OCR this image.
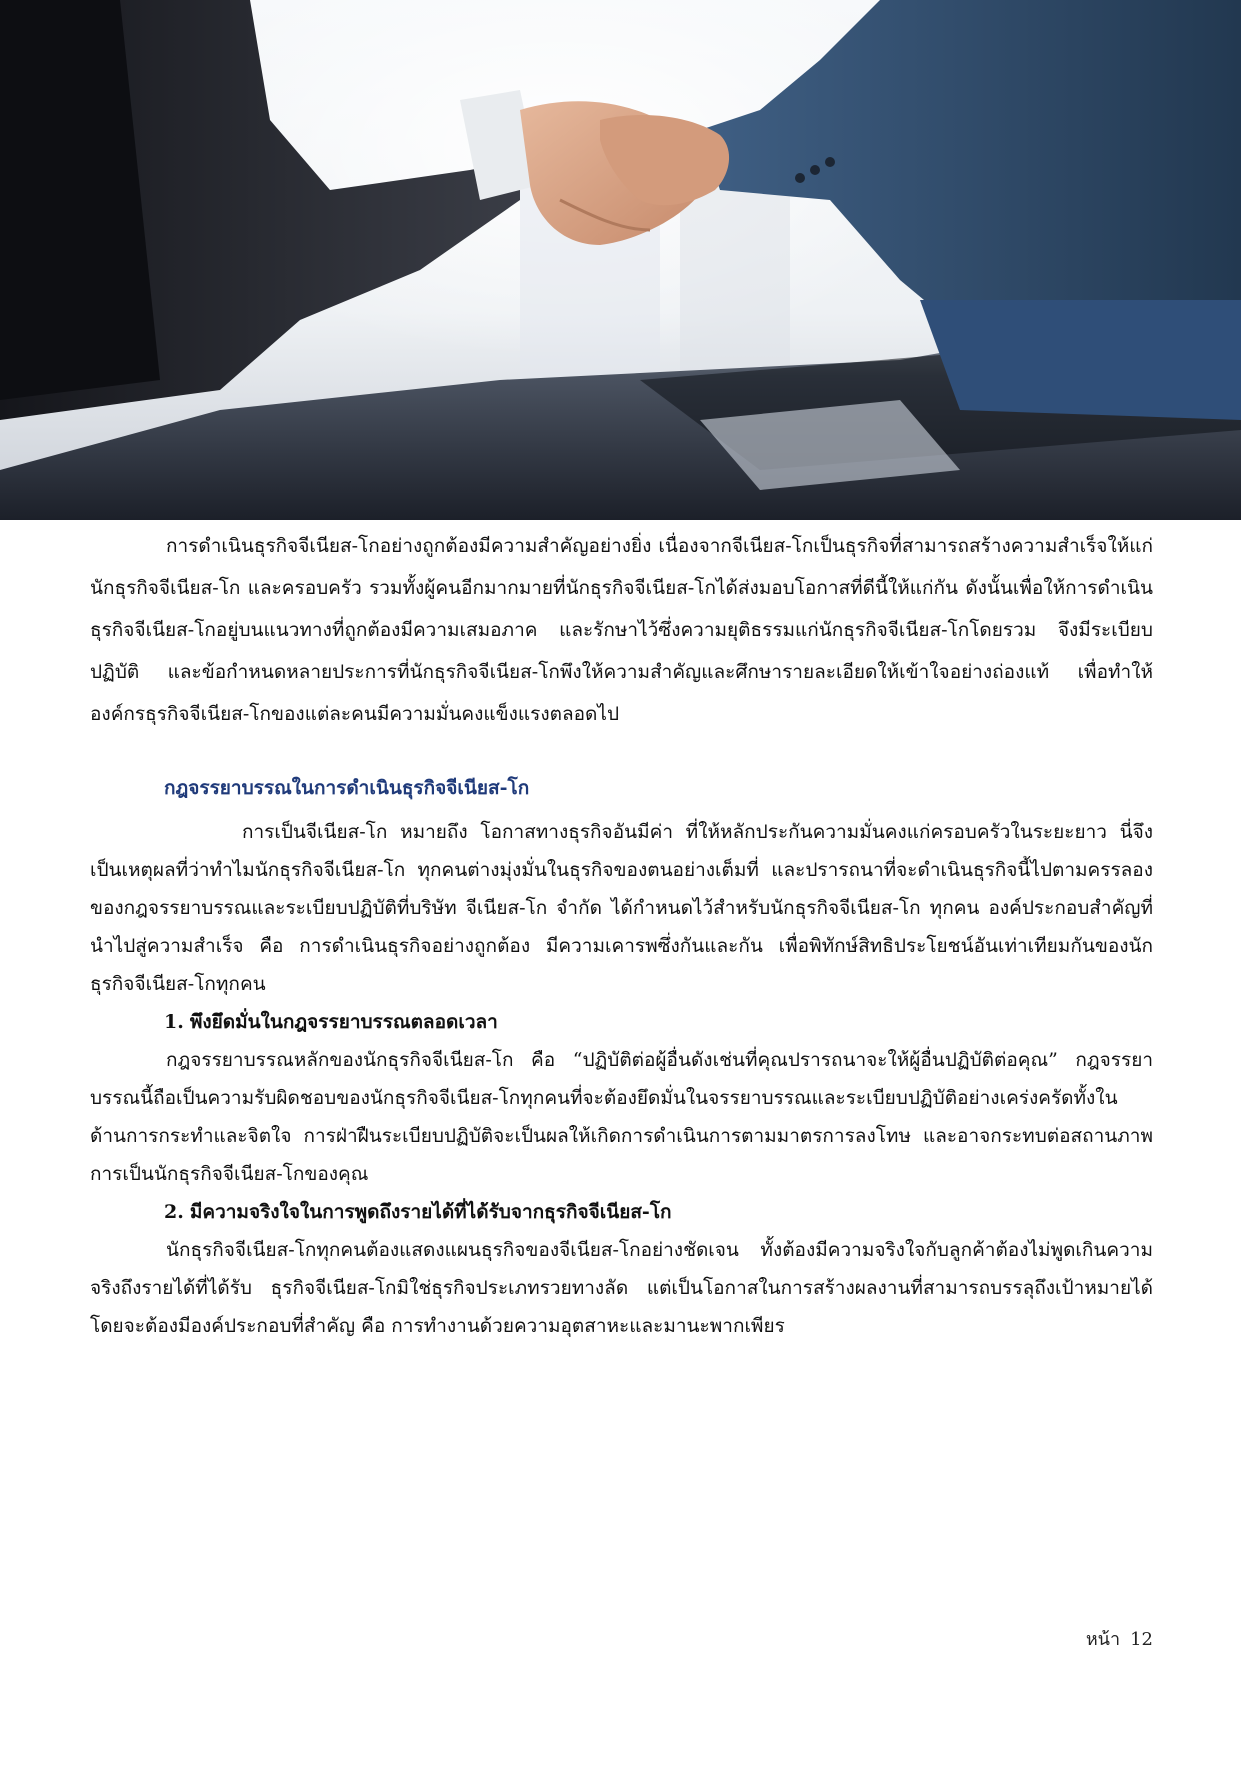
การดำเนินธุรกิจจีเนียส-โกอย่างถูกต้องมีความสำคัญอย่างยิ่ง เนื่องจากจีเนียส-โกเป็นธุรกิจที่สามารถสร้างความสำเร็จให้แก่นักธุรกิจจีเนียส-โก และครอบครัว รวมทั้งผู้คนอีกมากมายที่นักธุรกิจจีเนียส-โกได้ส่งมอบโอกาสที่ดีนี้ให้แก่กัน ดังนั้นเพื่อให้การดำเนินธุรกิจจีเนียส-โกอยู่บนแนวทางที่ถูกต้องมีความเสมอภาค และรักษาไว้ซึ่งความยุติธรรมแก่นักธุรกิจจีเนียส-โกโดยรวม จึงมีระเบียบปฏิบัติ และข้อกำหนดหลายประการที่นักธุรกิจจีเนียส-โกพึงให้ความสำคัญและศึกษารายละเอียดให้เข้าใจอย่างถ่องแท้ เพื่อทำให้องค์กรธุรกิจจีเนียส-โกของแต่ละคนมีความมั่นคงแข็งแรงตลอดไป

กฎจรรยาบรรณในการดำเนินธุรกิจจีเนียส-โก

การเป็นจีเนียส-โก หมายถึง โอกาสทางธุรกิจอันมีค่า ที่ให้หลักประกันความมั่นคงแก่ครอบครัวในระยะยาว นี่จึงเป็นเหตุผลที่ว่าทำไมนักธุรกิจจีเนียส-โก ทุกคนต่างมุ่งมั่นในธุรกิจของตนอย่างเต็มที่ และปรารถนาที่จะดำเนินธุรกิจนี้ไปตามครรลองของกฎจรรยาบรรณและระเบียบปฏิบัติที่บริษัท จีเนียส-โก จำกัด ได้กำหนดไว้สำหรับนักธุรกิจจีเนียส-โก ทุกคน องค์ประกอบสำคัญที่นำไปสู่ความสำเร็จ คือ การดำเนินธุรกิจอย่างถูกต้อง มีความเคารพซึ่งกันและกัน เพื่อพิทักษ์สิทธิประโยชน์อันเท่าเทียมกันของนักธุรกิจจีเนียส-โกทุกคน

1. พึงยึดมั่นในกฎจรรยาบรรณตลอดเวลา

กฎจรรยาบรรณหลักของนักธุรกิจจีเนียส-โก คือ “ปฏิบัติต่อผู้อื่นดังเช่นที่คุณปรารถนาจะให้ผู้อื่นปฏิบัติต่อคุณ” กฎจรรยาบรรณนี้ถือเป็นความรับผิดชอบของนักธุรกิจจีเนียส-โกทุกคนที่จะต้องยึดมั่นในจรรยาบรรณและระเบียบปฏิบัติอย่างเคร่งครัดทั้งในด้านการกระทำและจิตใจ การฝ่าฝืนระเบียบปฏิบัติจะเป็นผลให้เกิดการดำเนินการตามมาตรการลงโทษ และอาจกระทบต่อสถานภาพการเป็นนักธุรกิจจีเนียส-โกของคุณ

2. มีความจริงใจในการพูดถึงรายได้ที่ได้รับจากธุรกิจจีเนียส-โก

นักธุรกิจจีเนียส-โกทุกคนต้องแสดงแผนธุรกิจของจีเนียส-โกอย่างชัดเจน ทั้งต้องมีความจริงใจกับลูกค้าต้องไม่พูดเกินความจริงถึงรายได้ที่ได้รับ ธุรกิจจีเนียส-โกมิใช่ธุรกิจประเภทรวยทางลัด แต่เป็นโอกาสในการสร้างผลงานที่สามารถบรรลุถึงเป้าหมายได้ โดยจะต้องมีองค์ประกอบที่สำคัญ คือ การทำงานด้วยความอุตสาหะและมานะพากเพียร

หน้า 12
